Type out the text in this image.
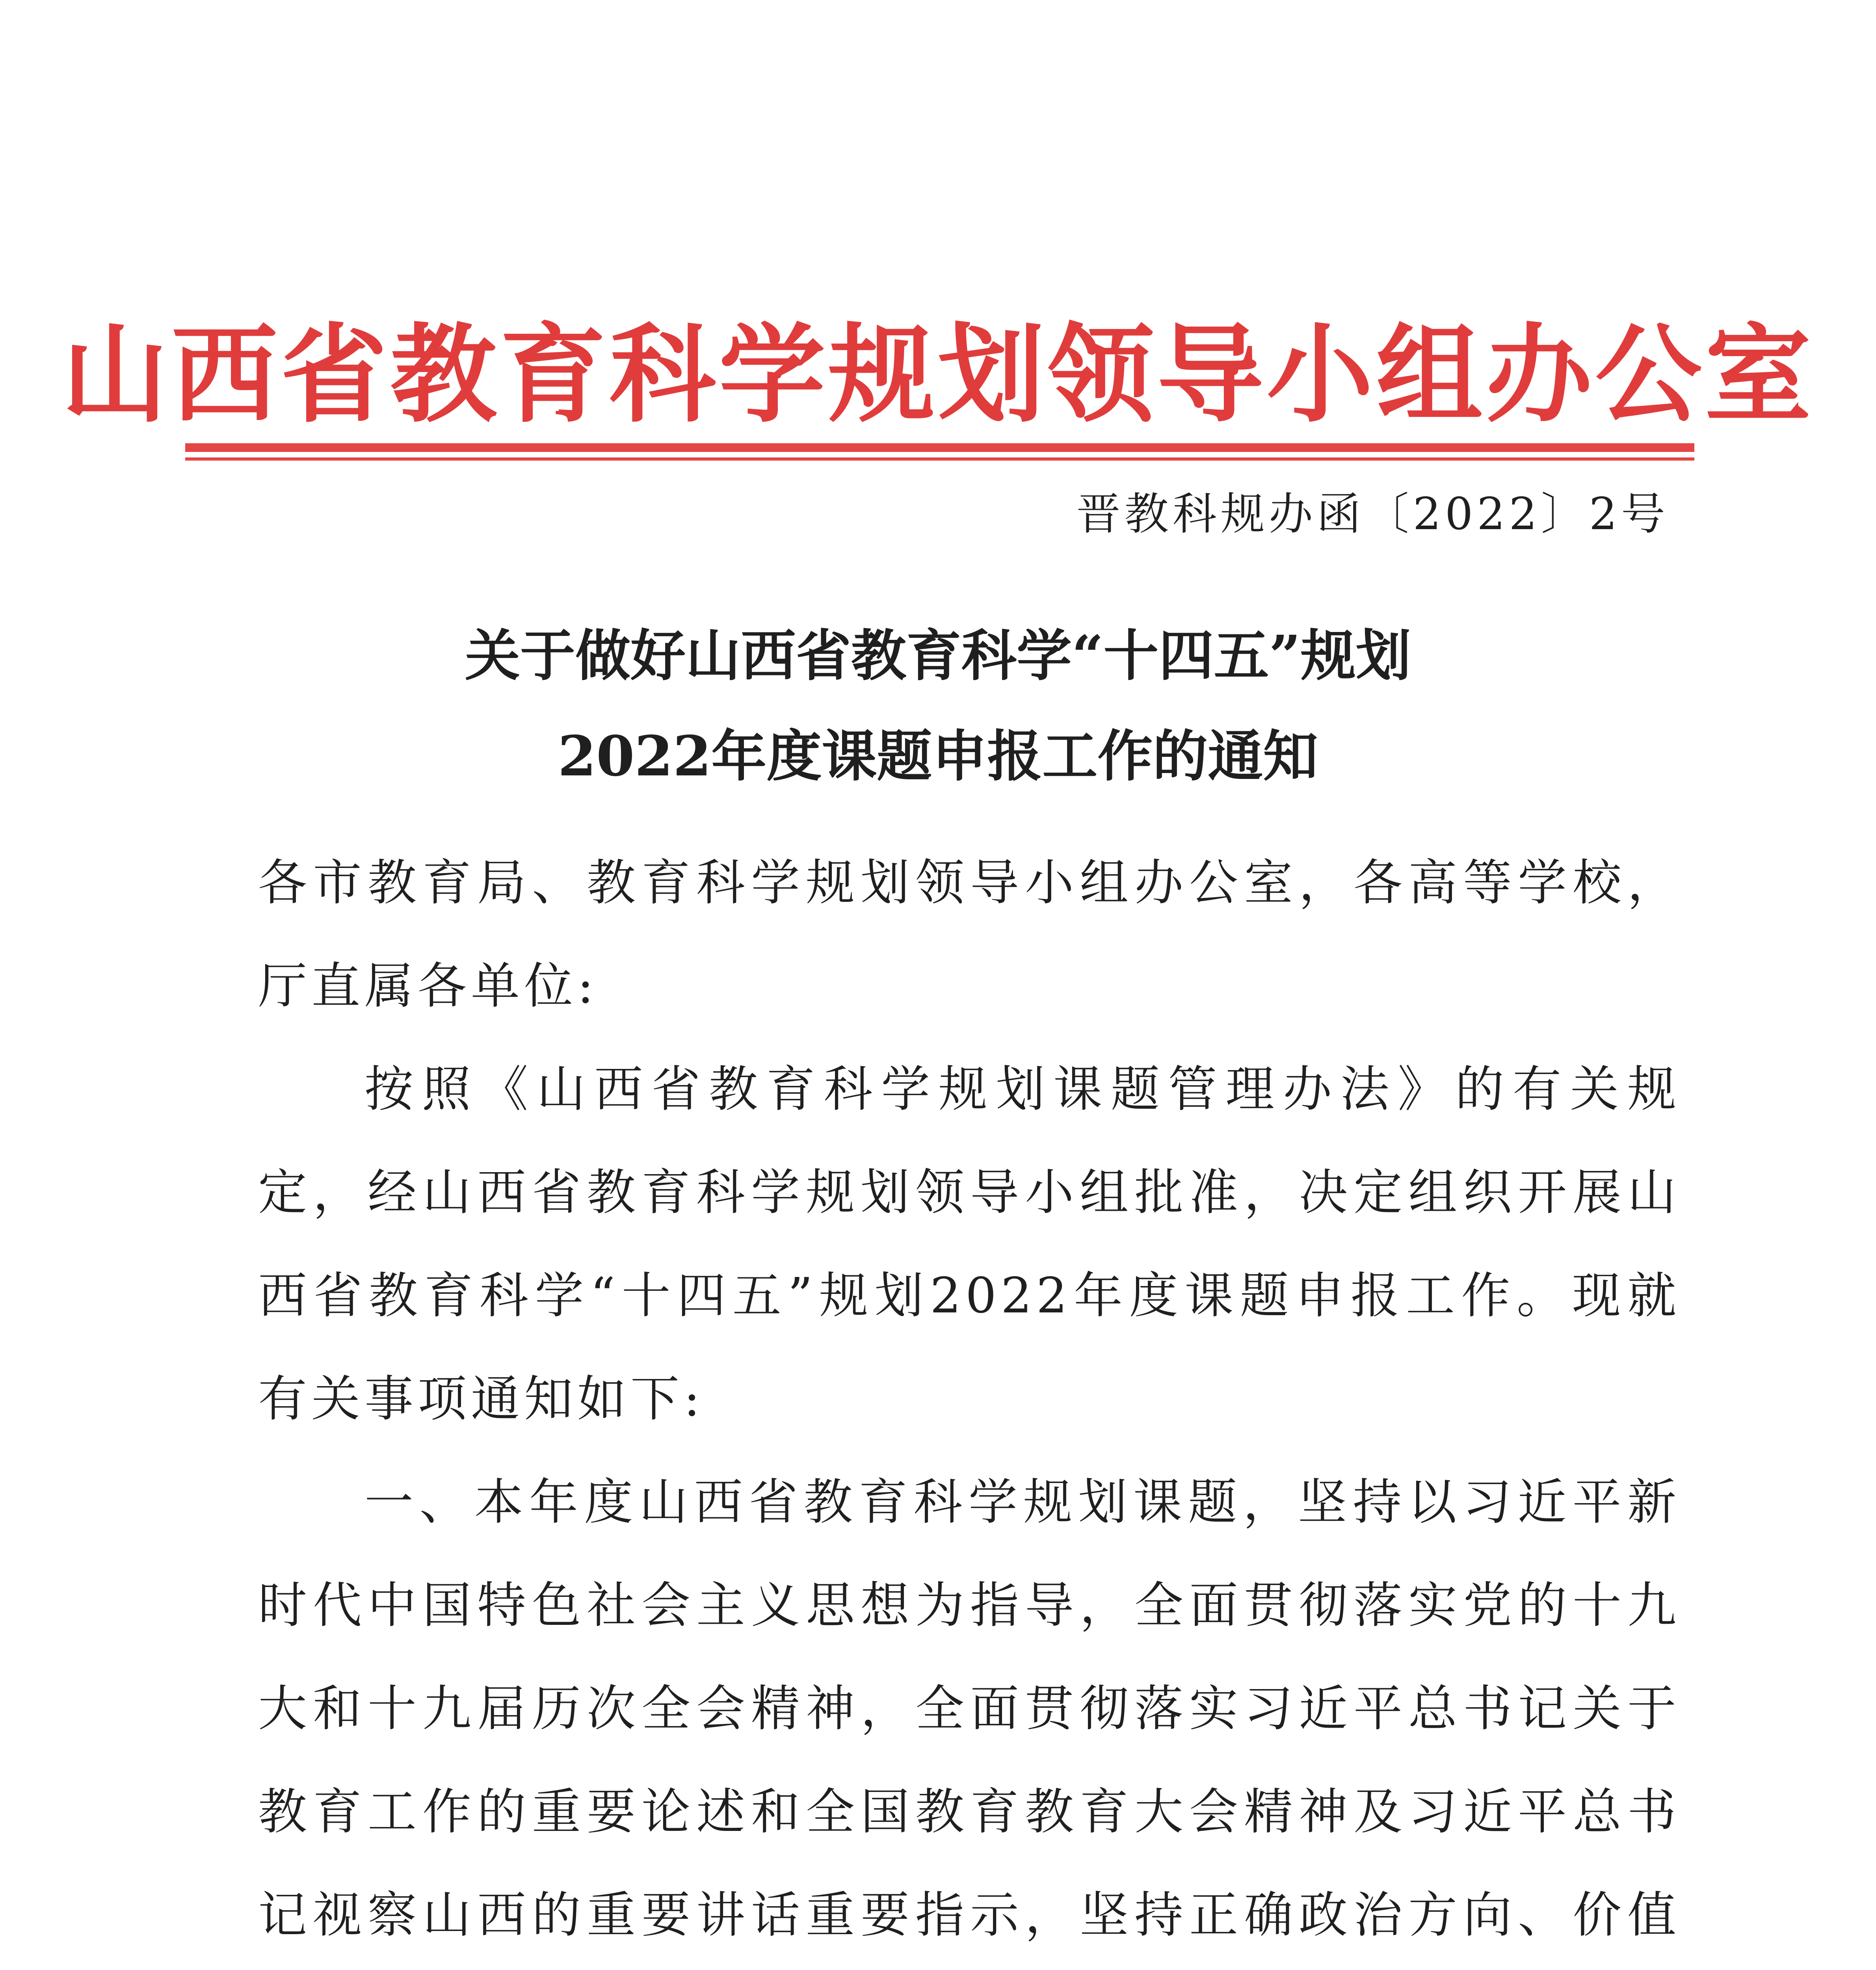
山西省教育科学规划领导小组办公室
晋教科规办函〔2022〕2号
关于做好山西省教育科学“十四五”规划
2022年度课题申报工作的通知

各市教育局、教育科学规划领导小组办公室，各高等学校，厅直属各单位:

按照《山西省教育科学规划课题管理办法》的有关规定，经山西省教育科学规划领导小组批准，决定组织开展山西省教育科学“十四五”规划2022年度课题申报工作。现就有关事项通知如下:

一、本年度山西省教育科学规划课题，坚持以习近平新时代中国特色社会主义思想为指导，全面贯彻落实党的十九大和十九届历次全会精神，全面贯彻落实习近平总书记关于教育工作的重要论述和全国教育教育大会精神及习近平总书记视察山西的重要讲话重要指示，坚持正确政治方向、价值
